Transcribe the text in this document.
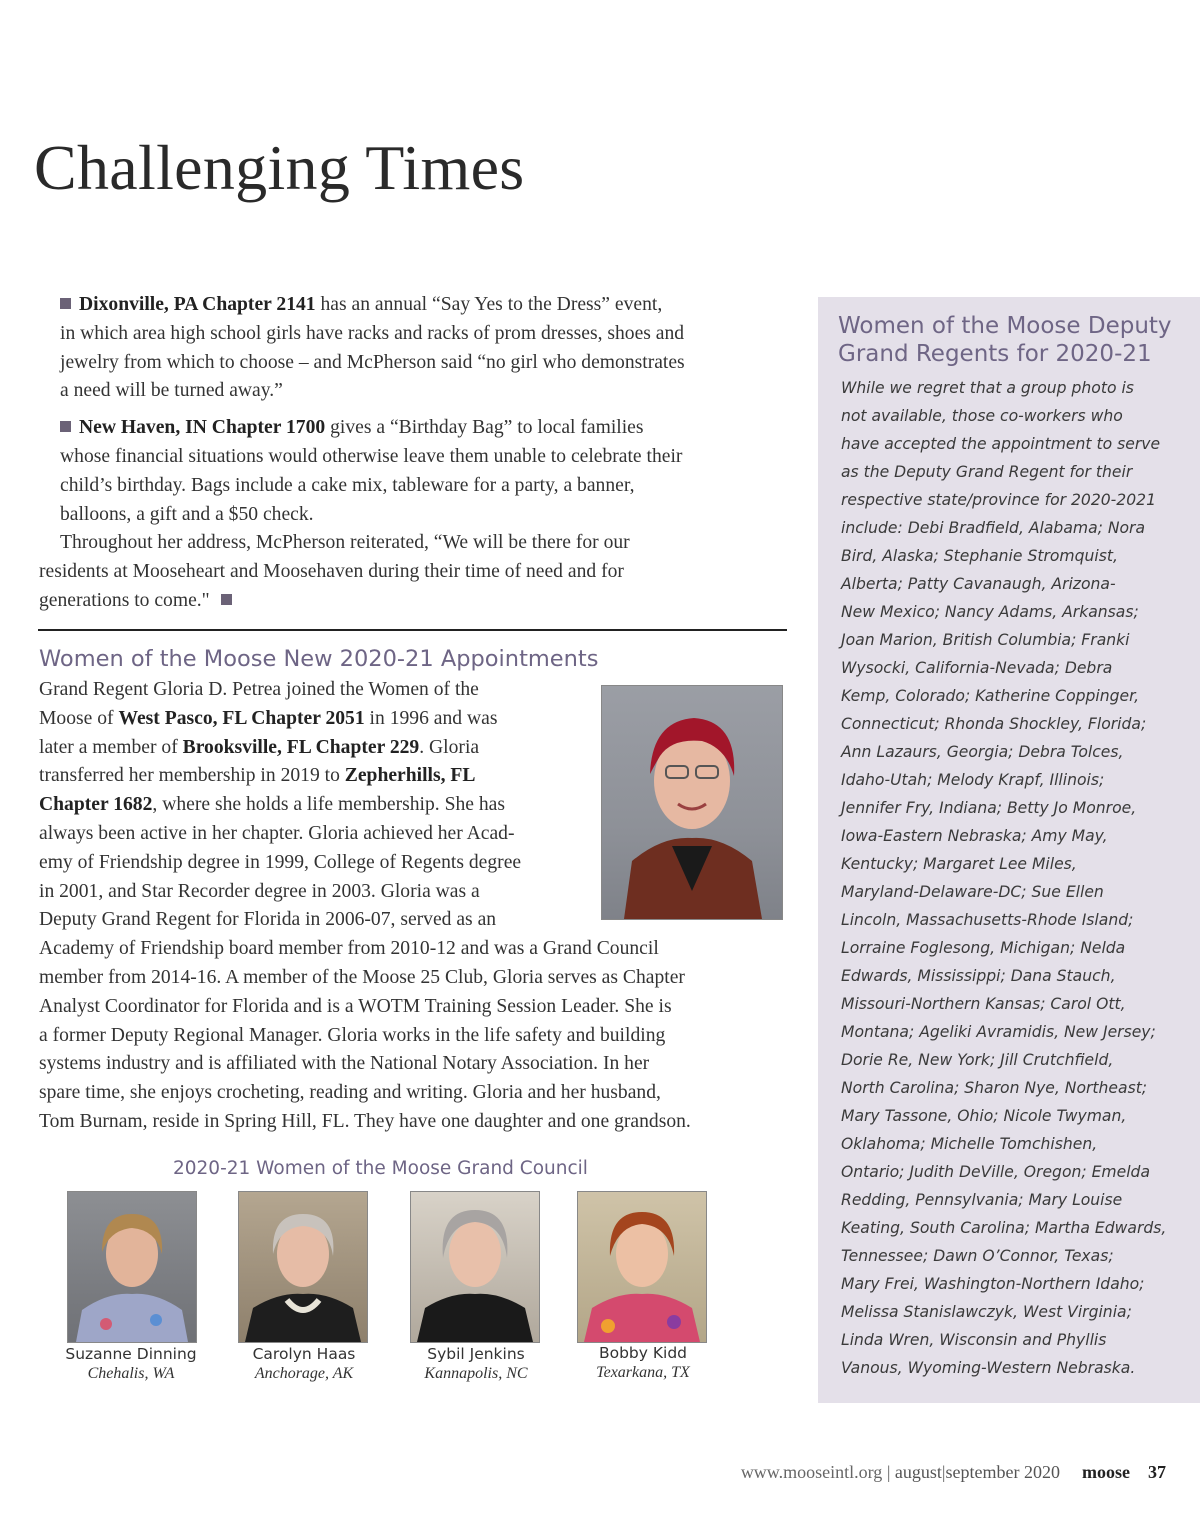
Challenging Times
Dixonville, PA Chapter 2141 has an annual “Say Yes to the Dress” event,
in which area high school girls have racks and racks of prom dresses, shoes and
jewelry from which to choose – and McPherson said “no girl who demonstrates
a need will be turned away.”
New Haven, IN Chapter 1700 gives a “Birthday Bag” to local families
whose financial situations would otherwise leave them unable to celebrate their
child’s birthday. Bags include a cake mix, tableware for a party, a banner,
balloons, a gift and a $50 check.
Throughout her address, McPherson reiterated, “We will be there for our
residents at Mooseheart and Moosehaven during their time of need and for
generations to come."
Women of the Moose New 2020-21 Appointments
Grand Regent Gloria D. Petrea joined the Women of the
Moose of West Pasco, FL Chapter 2051 in 1996 and was
later a member of Brooksville, FL Chapter 229. Gloria
transferred her membership in 2019 to Zepherhills, FL
Chapter 1682, where she holds a life membership. She has
always been active in her chapter. Gloria achieved her Acad-
emy of Friendship degree in 1999, College of Regents degree
in 2001, and Star Recorder degree in 2003. Gloria was a
Deputy Grand Regent for Florida in 2006-07, served as an
Academy of Friendship board member from 2010-12 and was a Grand Council
member from 2014-16. A member of the Moose 25 Club, Gloria serves as Chapter
Analyst Coordinator for Florida and is a WOTM Training Session Leader. She is
a former Deputy Regional Manager. Gloria works in the life safety and building
systems industry and is affiliated with the National Notary Association. In her
spare time, she enjoys crocheting, reading and writing. Gloria and her husband,
Tom Burnam, reside in Spring Hill, FL. They have one daughter and one grandson.
2020-21 Women of the Moose Grand Council
Suzanne Dinning
Chehalis, WA
Carolyn Haas
Anchorage, AK
Sybil Jenkins
Kannapolis, NC
Bobby Kidd
Texarkana, TX
Women of the Moose Deputy
Grand Regents for 2020-21
While we regret that a group photo is
not available, those co-workers who
have accepted the appointment to serve
as the Deputy Grand Regent for their
respective state/province for 2020-2021
include: Debi Bradfield, Alabama; Nora
Bird, Alaska; Stephanie Stromquist,
Alberta; Patty Cavanaugh, Arizona-
New Mexico; Nancy Adams, Arkansas;
Joan Marion, British Columbia; Franki
Wysocki, California-Nevada; Debra
Kemp, Colorado; Katherine Coppinger,
Connecticut; Rhonda Shockley, Florida;
Ann Lazaurs, Georgia; Debra Tolces,
Idaho-Utah; Melody Krapf, Illinois;
Jennifer Fry, Indiana; Betty Jo Monroe,
Iowa-Eastern Nebraska; Amy May,
Kentucky; Margaret Lee Miles,
Maryland-Delaware-DC; Sue Ellen
Lincoln, Massachusetts-Rhode Island;
Lorraine Foglesong, Michigan; Nelda
Edwards, Mississippi; Dana Stauch,
Missouri-Northern Kansas; Carol Ott,
Montana; Ageliki Avramidis, New Jersey;
Dorie Re, New York; Jill Crutchfield,
North Carolina; Sharon Nye, Northeast;
Mary Tassone, Ohio; Nicole Twyman,
Oklahoma; Michelle Tomchishen,
Ontario; Judith DeVille, Oregon; Emelda
Redding, Pennsylvania; Mary Louise
Keating, South Carolina; Martha Edwards,
Tennessee; Dawn O’Connor, Texas;
Mary Frei, Washington-Northern Idaho;
Melissa Stanislawczyk, West Virginia;
Linda Wren, Wisconsin and Phyllis
Vanous, Wyoming-Western Nebraska.
www.mooseintl.org | august|september 2020 moose 37
